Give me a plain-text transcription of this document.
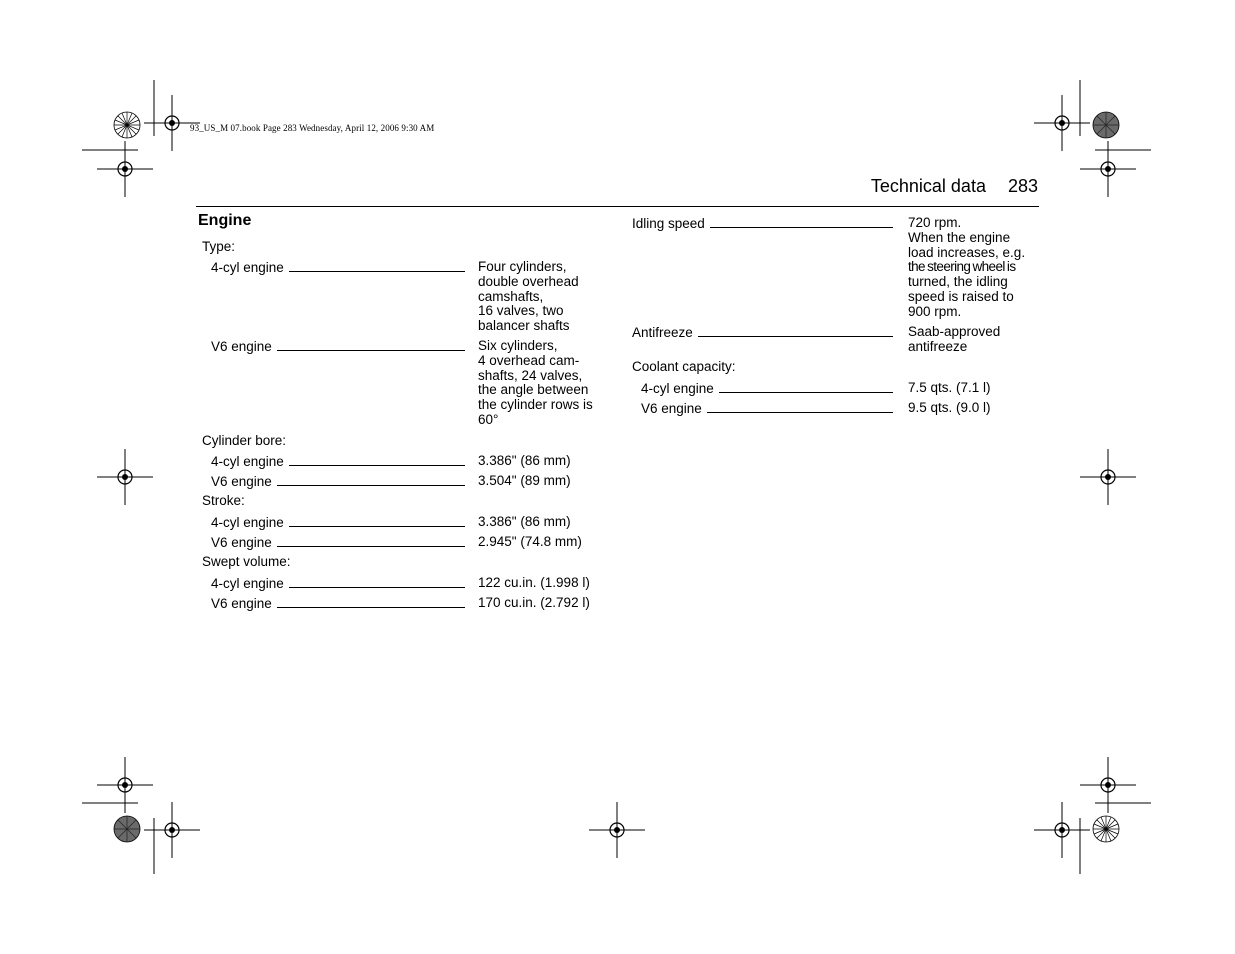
93_US_M 07.book Page 283 Wednesday, April 12, 2006 9:30 AM
Technical data 283
Engine
Type:
4-cyl engine	Four cylinders,
double overhead
camshafts,
16 valves, two
balancer shafts
V6 engine	Six cylinders,
4 overhead cam-
shafts, 24 valves,
the angle between
the cylinder rows is
60°
Cylinder bore:
4-cyl engine	3.386" (86 mm)
V6 engine	3.504" (89 mm)
Stroke:
4-cyl engine	3.386" (86 mm)
V6 engine	2.945" (74.8 mm)
Swept volume:
4-cyl engine	122 cu.in. (1.998 l)
V6 engine	170 cu.in. (2.792 l)
Idling speed	720 rpm.
When the engine
load increases, e.g.
the steering wheel is
turned, the idling
speed is raised to
900 rpm.
Antifreeze	Saab-approved
antifreeze
Coolant capacity:
4-cyl engine	7.5 qts. (7.1 l)
V6 engine	9.5 qts. (9.0 l)
